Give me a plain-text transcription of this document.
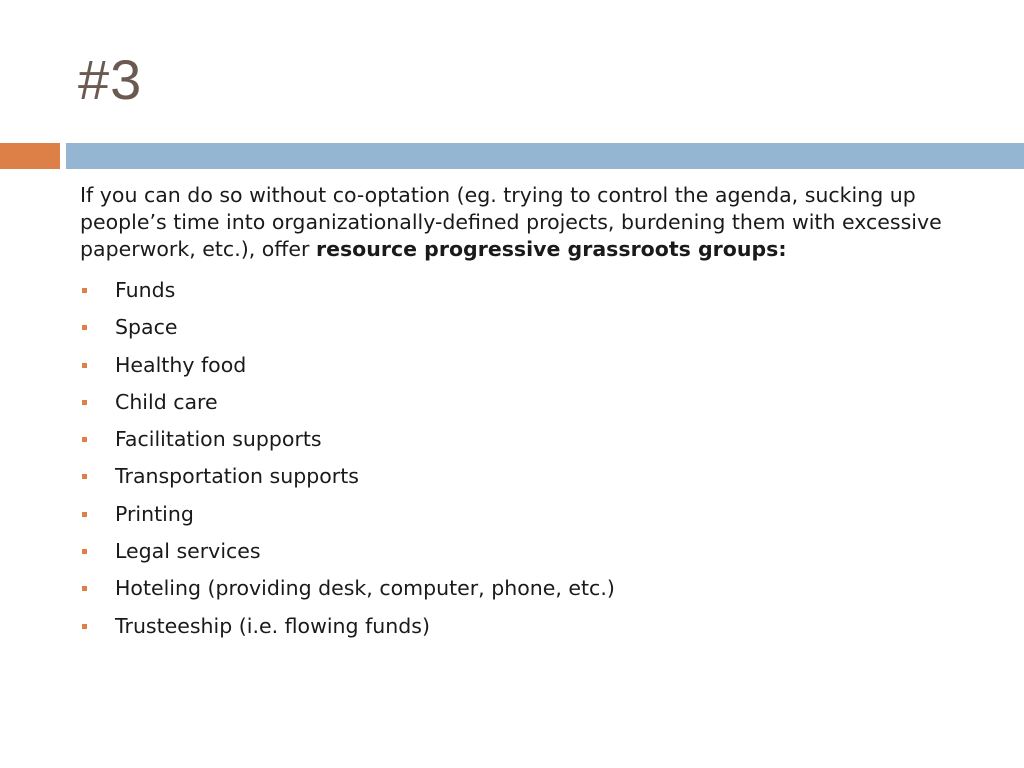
#3

If you can do so without co-optation (eg. trying to control the agenda, sucking up people’s time into organizationally-defined projects, burdening them with excessive paperwork, etc.), offer resource progressive grassroots groups:

Funds
Space
Healthy food
Child care
Facilitation supports
Transportation supports
Printing
Legal services
Hoteling (providing desk, computer, phone, etc.)
Trusteeship (i.e. flowing funds)
